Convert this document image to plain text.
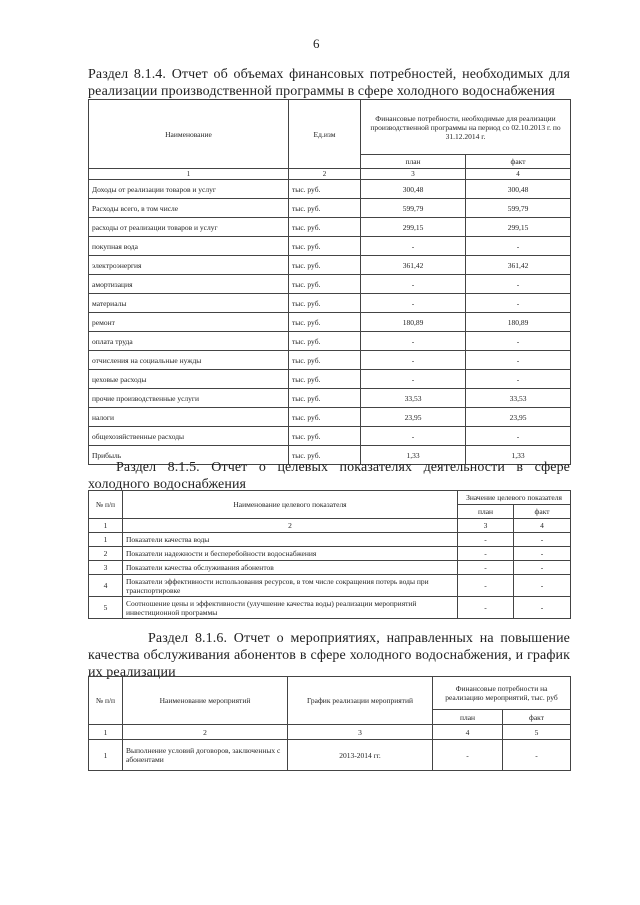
6
Раздел 8.1.4. Отчет об объемах финансовых потребностей, необходимых для реализации производственной программы в сфере холодного водоснабжения
Наименование	Ед.изм	Финансовые потребности, необходимые для реализации производственной программы на период со 02.10.2013 г. по 31.12.2014 г.	
		план	факт
1	2	3	4
Доходы от реализации товаров и услуг	тыс. руб.	300,48	300,48
Расходы всего, в том числе	тыс. руб.	599,79	599,79
расходы от реализации товаров и услуг	тыс. руб.	299,15	299,15
покупная вода	тыс. руб.	-	-
электроэнергия	тыс. руб.	361,42	361,42
амортизация	тыс. руб.	-	-
материалы	тыс. руб.	-	-
ремонт	тыс. руб.	180,89	180,89
оплата труда	тыс. руб.	-	-
отчисления на социальные нужды	тыс. руб.	-	-
цеховые расходы	тыс. руб.	-	-
прочие производственные услуги	тыс. руб.	33,53	33,53
налоги	тыс. руб.	23,95	23,95
общехозяйственные расходы	тыс. руб.	-	-
Прибыль	тыс. руб.	1,33	1,33
Раздел 8.1.5. Отчет о целевых показателях деятельности в сфере холодного водоснабжения
№ п/п	Наименование целевого показателя	Значение целевого показателя	
		план	факт
1	2	3	4
1	Показатели качества воды	-	-
2	Показатели надежности и бесперебойности водоснабжения	-	-
3	Показатели качества обслуживания абонентов	-	-
4	Показатели эффективности использования ресурсов, в том числе сокращения потерь воды при транспортировке	-	-
5	Соотношение цены и эффективности (улучшение качества воды) реализации мероприятий инвестиционной программы	-	-
Раздел 8.1.6. Отчет о мероприятиях, направленных на повышение качества обслуживания абонентов в сфере холодного водоснабжения, и график их реализации
№ п/п	Наименование мероприятий	График реализации мероприятий	Финансовые потребности на реализацию мероприятий, тыс. руб	
			план	факт
1	2	3	4	5
1	Выполнение условий договоров, заключенных с абонентами	2013-2014 гг.	-	-
